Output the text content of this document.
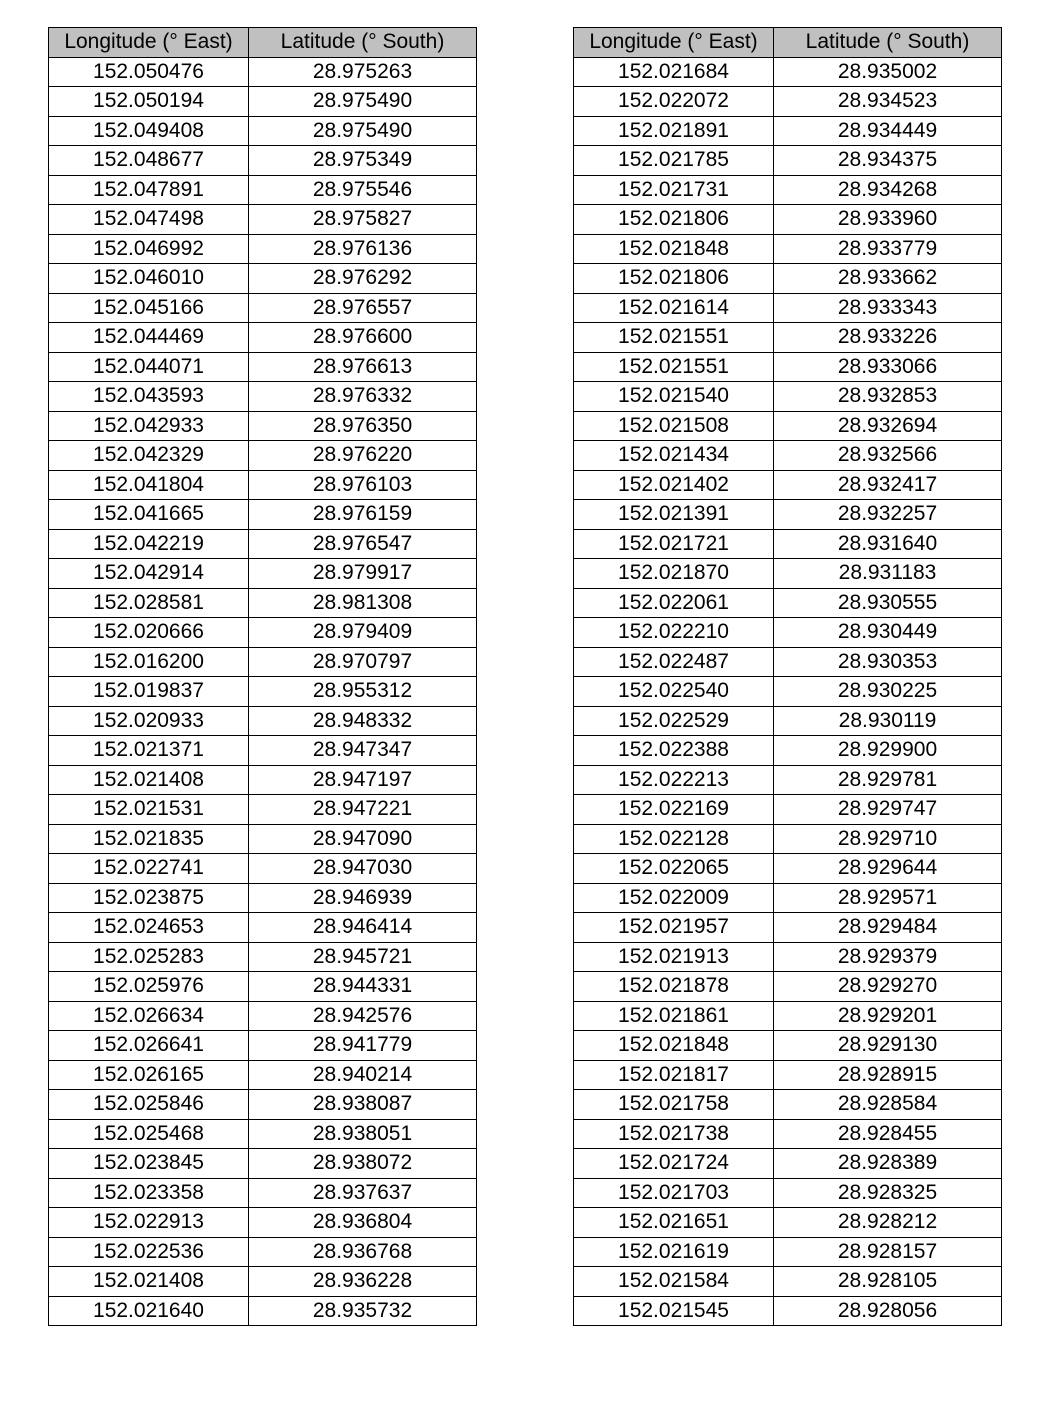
Longitude (° East)	Latitude (° South)
152.050476	28.975263
152.050194	28.975490
152.049408	28.975490
152.048677	28.975349
152.047891	28.975546
152.047498	28.975827
152.046992	28.976136
152.046010	28.976292
152.045166	28.976557
152.044469	28.976600
152.044071	28.976613
152.043593	28.976332
152.042933	28.976350
152.042329	28.976220
152.041804	28.976103
152.041665	28.976159
152.042219	28.976547
152.042914	28.979917
152.028581	28.981308
152.020666	28.979409
152.016200	28.970797
152.019837	28.955312
152.020933	28.948332
152.021371	28.947347
152.021408	28.947197
152.021531	28.947221
152.021835	28.947090
152.022741	28.947030
152.023875	28.946939
152.024653	28.946414
152.025283	28.945721
152.025976	28.944331
152.026634	28.942576
152.026641	28.941779
152.026165	28.940214
152.025846	28.938087
152.025468	28.938051
152.023845	28.938072
152.023358	28.937637
152.022913	28.936804
152.022536	28.936768
152.021408	28.936228
152.021640	28.935732
Longitude (° East)	Latitude (° South)
152.021684	28.935002
152.022072	28.934523
152.021891	28.934449
152.021785	28.934375
152.021731	28.934268
152.021806	28.933960
152.021848	28.933779
152.021806	28.933662
152.021614	28.933343
152.021551	28.933226
152.021551	28.933066
152.021540	28.932853
152.021508	28.932694
152.021434	28.932566
152.021402	28.932417
152.021391	28.932257
152.021721	28.931640
152.021870	28.931183
152.022061	28.930555
152.022210	28.930449
152.022487	28.930353
152.022540	28.930225
152.022529	28.930119
152.022388	28.929900
152.022213	28.929781
152.022169	28.929747
152.022128	28.929710
152.022065	28.929644
152.022009	28.929571
152.021957	28.929484
152.021913	28.929379
152.021878	28.929270
152.021861	28.929201
152.021848	28.929130
152.021817	28.928915
152.021758	28.928584
152.021738	28.928455
152.021724	28.928389
152.021703	28.928325
152.021651	28.928212
152.021619	28.928157
152.021584	28.928105
152.021545	28.928056
